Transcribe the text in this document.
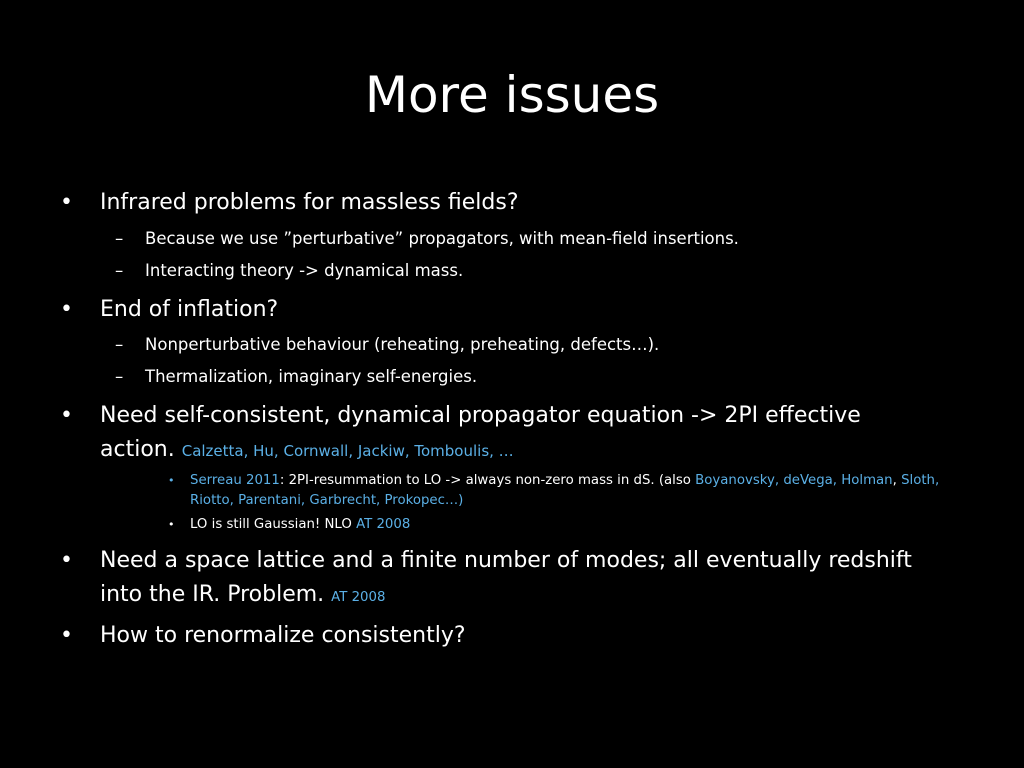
More issues
• Infrared problems for massless fields?
– Because we use ”perturbative” propagators, with mean-field insertions.
– Interacting theory -> dynamical mass.
• End of inflation?
– Nonperturbative behaviour (reheating, preheating, defects…).
– Thermalization, imaginary self-energies.
• Need self-consistent, dynamical propagator equation -> 2PI effective
action. Calzetta, Hu, Cornwall, Jackiw, Tomboulis, …
• Serreau 2011: 2PI-resummation to LO -> always non-zero mass in dS. (also Boyanovsky, deVega, Holman, Sloth,
Riotto, Parentani, Garbrecht, Prokopec…)
• LO is still Gaussian! NLO AT 2008
• Need a space lattice and a finite number of modes; all eventually redshift
into the IR. Problem. AT 2008
• How to renormalize consistently?
